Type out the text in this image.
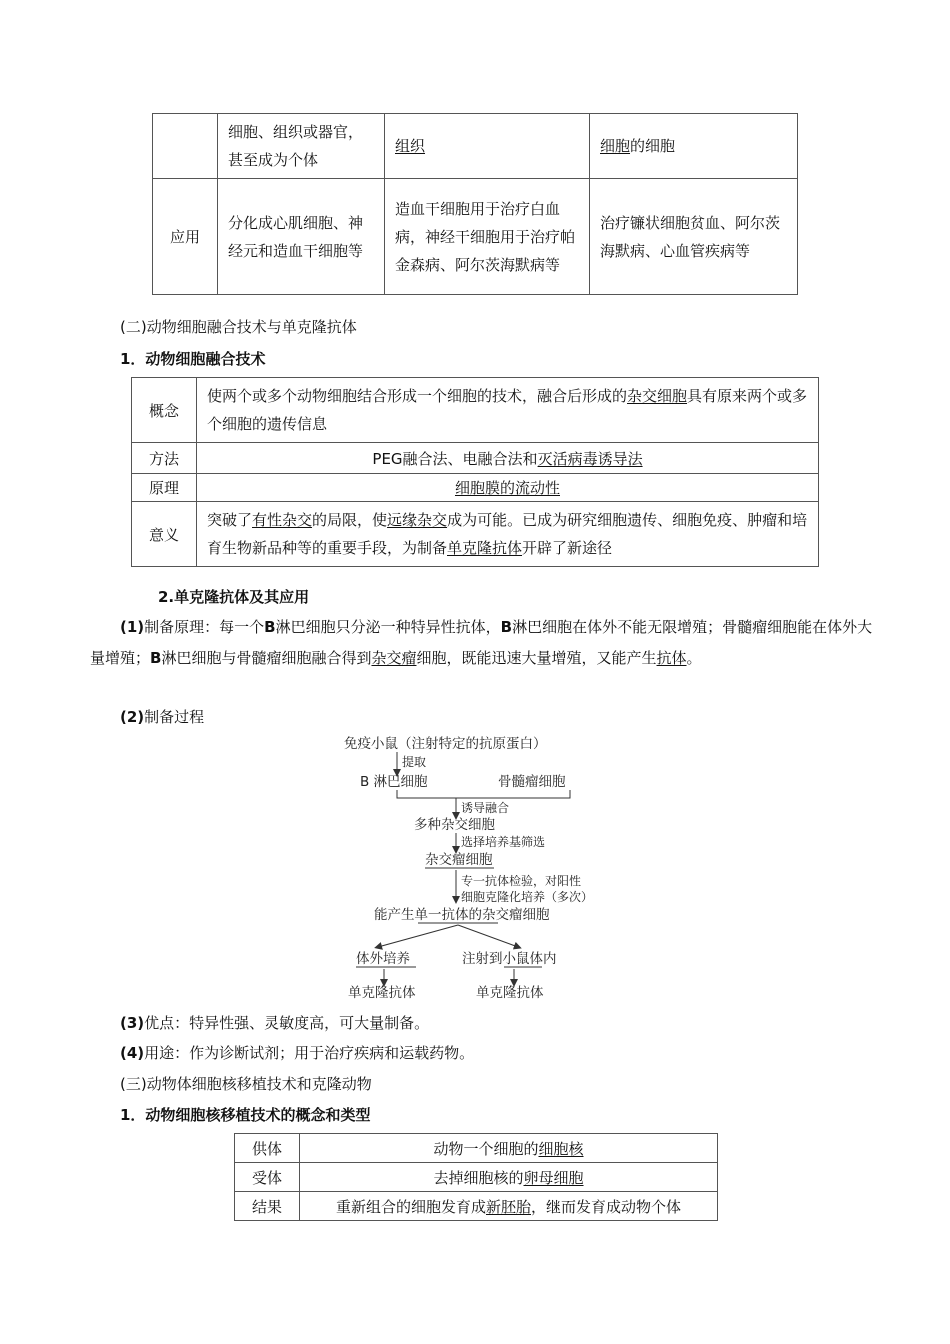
	细胞、组织或器官，甚至成为个体	组织	细胞的细胞
应用	分化成心肌细胞、神经元和造血干细胞等	造血干细胞用于治疗白血病，神经干细胞用于治疗帕金森病、阿尔茨海默病等	治疗镰状细胞贫血、阿尔茨海默病、心血管疾病等
(二)动物细胞融合技术与单克隆抗体
1．动物细胞融合技术
概念	使两个或多个动物细胞结合形成一个细胞的技术，融合后形成的杂交细胞具有原来两个或多个细胞的遗传信息
方法	PEG融合法、电融合法和灭活病毒诱导法
原理	细胞膜的流动性
意义	突破了有性杂交的局限，使远缘杂交成为可能。已成为研究细胞遗传、细胞免疫、肿瘤和培育生物新品种等的重要手段，为制备单克隆抗体开辟了新途径
2.单克隆抗体及其应用
(1)制备原理：每一个B淋巴细胞只分泌一种特异性抗体，B淋巴细胞在体外不能无限增殖；骨髓瘤细胞能在体外大量增殖；B淋巴细胞与骨髓瘤细胞融合得到杂交瘤细胞，既能迅速大量增殖，又能产生抗体。
(2)制备过程
免疫小鼠（注射特定的抗原蛋白）
提取
B 淋巴细胞	骨髓瘤细胞
诱导融合
多种杂交细胞
选择培养基筛选
杂交瘤细胞
专一抗体检验，对阳性
细胞克隆化培养（多次）
能产生单一抗体的杂交瘤细胞
体外培养	注射到小鼠体内
单克隆抗体	单克隆抗体
(3)优点：特异性强、灵敏度高，可大量制备。
(4)用途：作为诊断试剂；用于治疗疾病和运载药物。
(三)动物体细胞核移植技术和克隆动物
1．动物细胞核移植技术的概念和类型
供体	动物一个细胞的细胞核
受体	去掉细胞核的卵母细胞
结果	重新组合的细胞发育成新胚胎，继而发育成动物个体
